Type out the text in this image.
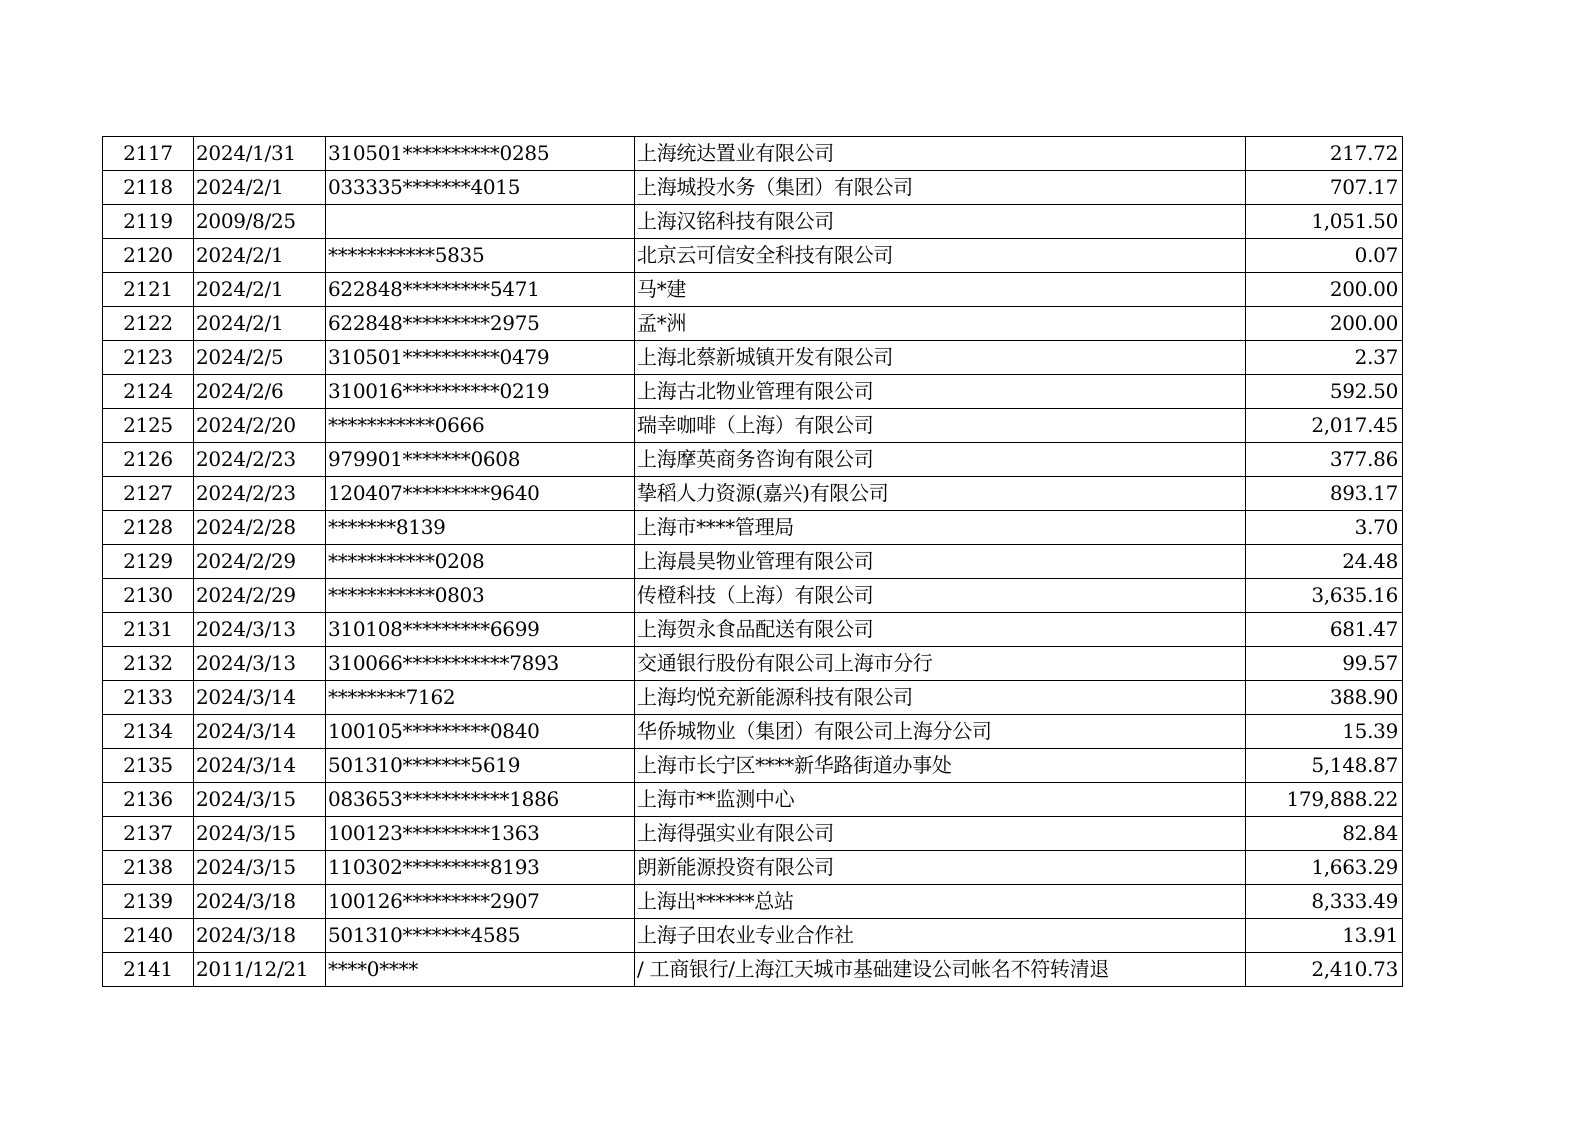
2117	2024/1/31	310501**********0285	上海统达置业有限公司	217.72
2118	2024/2/1	033335*******4015	上海城投水务（集团）有限公司	707.17
2119	2009/8/25		上海汉铭科技有限公司	1,051.50
2120	2024/2/1	***********5835	北京云可信安全科技有限公司	0.07
2121	2024/2/1	622848*********5471	马*建	200.00
2122	2024/2/1	622848*********2975	孟*洲	200.00
2123	2024/2/5	310501**********0479	上海北蔡新城镇开发有限公司	2.37
2124	2024/2/6	310016**********0219	上海古北物业管理有限公司	592.50
2125	2024/2/20	***********0666	瑞幸咖啡（上海）有限公司	2,017.45
2126	2024/2/23	979901*******0608	上海摩英商务咨询有限公司	377.86
2127	2024/2/23	120407*********9640	挚稻人力资源(嘉兴)有限公司	893.17
2128	2024/2/28	*******8139	上海市****管理局	3.70
2129	2024/2/29	***********0208	上海晨昊物业管理有限公司	24.48
2130	2024/2/29	***********0803	传橙科技（上海）有限公司	3,635.16
2131	2024/3/13	310108*********6699	上海贺永食品配送有限公司	681.47
2132	2024/3/13	310066***********7893	交通银行股份有限公司上海市分行	99.57
2133	2024/3/14	********7162	上海均悦充新能源科技有限公司	388.90
2134	2024/3/14	100105*********0840	华侨城物业（集团）有限公司上海分公司	15.39
2135	2024/3/14	501310*******5619	上海市长宁区****新华路街道办事处	5,148.87
2136	2024/3/15	083653***********1886	上海市**监测中心	179,888.22
2137	2024/3/15	100123*********1363	上海得强实业有限公司	82.84
2138	2024/3/15	110302*********8193	朗新能源投资有限公司	1,663.29
2139	2024/3/18	100126*********2907	上海出******总站	8,333.49
2140	2024/3/18	501310*******4585	上海子田农业专业合作社	13.91
2141	2011/12/21	****0****	/ 工商银行/上海江天城市基础建设公司帐名不符转清退	2,410.73
